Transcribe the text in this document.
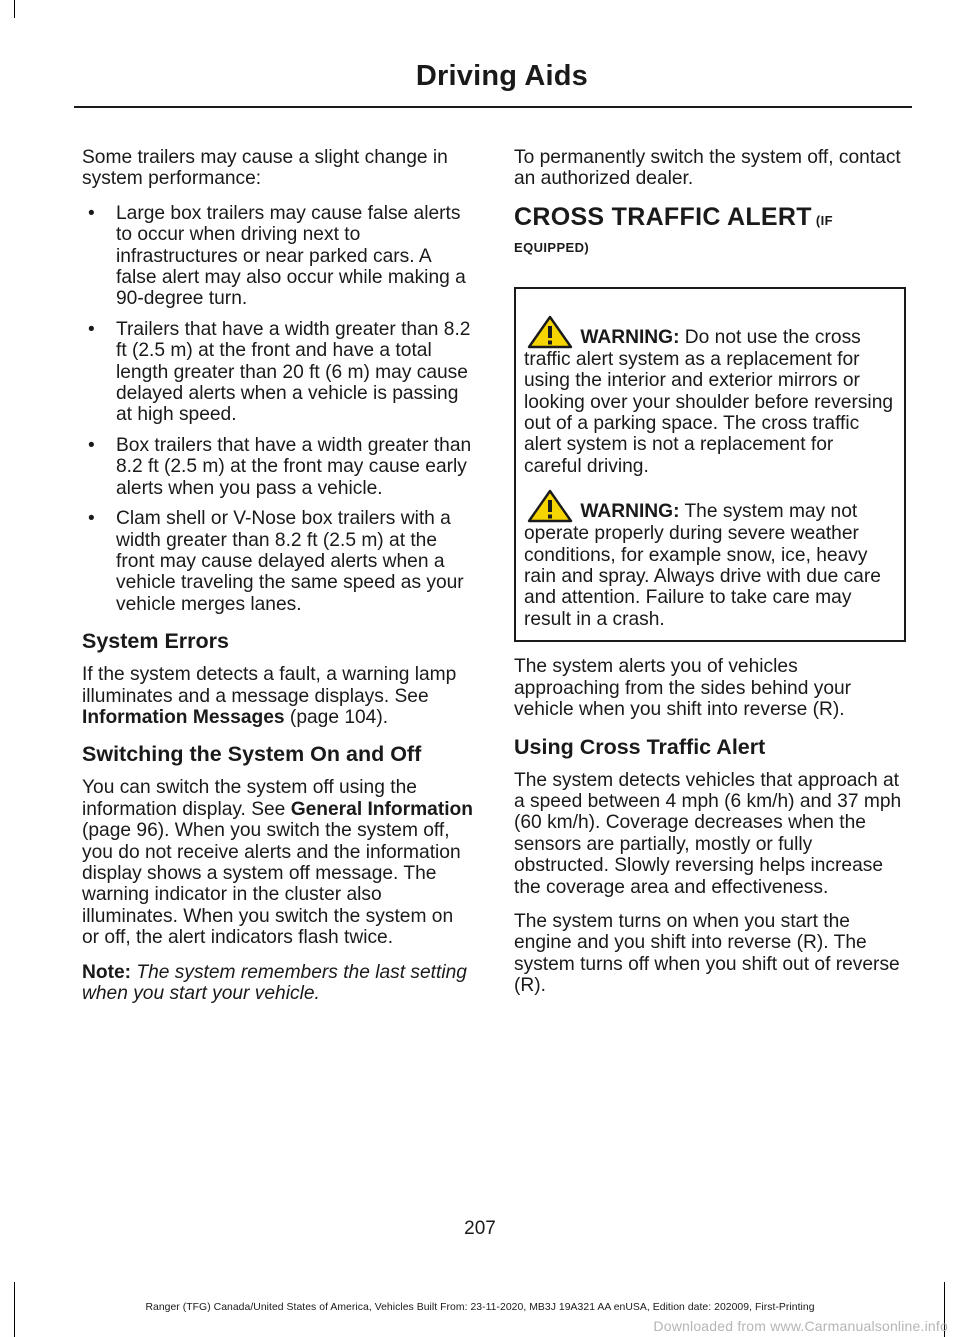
Driving Aids

Some trailers may cause a slight change in system performance:

• Large box trailers may cause false alerts to occur when driving next to infrastructures or near parked cars. A false alert may also occur while making a 90-degree turn.
• Trailers that have a width greater than 8.2 ft (2.5 m) at the front and have a total length greater than 20 ft (6 m) may cause delayed alerts when a vehicle is passing at high speed.
• Box trailers that have a width greater than 8.2 ft (2.5 m) at the front may cause early alerts when you pass a vehicle.
• Clam shell or V-Nose box trailers with a width greater than 8.2 ft (2.5 m) at the front may cause delayed alerts when a vehicle traveling the same speed as your vehicle merges lanes.
System Errors

If the system detects a fault, a warning lamp illuminates and a message displays. See Information Messages (page 104).

Switching the System On and Off

You can switch the system off using the information display. See General Information (page 96). When you switch the system off, you do not receive alerts and the information display shows a system off message. The warning indicator in the cluster also illuminates. When you switch the system on or off, the alert indicators flash twice.

Note: The system remembers the last setting when you start your vehicle.

To permanently switch the system off, contact an authorized dealer.

CROSS TRAFFIC ALERT (IF
EQUIPPED)

WARNING: Do not use the cross traffic alert system as a replacement for using the interior and exterior mirrors or looking over your shoulder before reversing out of a parking space. The cross traffic alert system is not a replacement for careful driving.

WARNING: The system may not operate properly during severe weather conditions, for example snow, ice, heavy rain and spray. Always drive with due care and attention. Failure to take care may result in a crash.

The system alerts you of vehicles approaching from the sides behind your vehicle when you shift into reverse (R).

Using Cross Traffic Alert

The system detects vehicles that approach at a speed between 4 mph (6 km/h) and 37 mph (60 km/h). Coverage decreases when the sensors are partially, mostly or fully obstructed. Slowly reversing helps increase the coverage area and effectiveness.

The system turns on when you start the engine and you shift into reverse (R). The system turns off when you shift out of reverse (R).

207
Ranger (TFG) Canada/United States of America, Vehicles Built From: 23-11-2020, MB3J 19A321 AA enUSA, Edition date: 202009, First-Printing
Downloaded from www.Carmanualsonline.info
